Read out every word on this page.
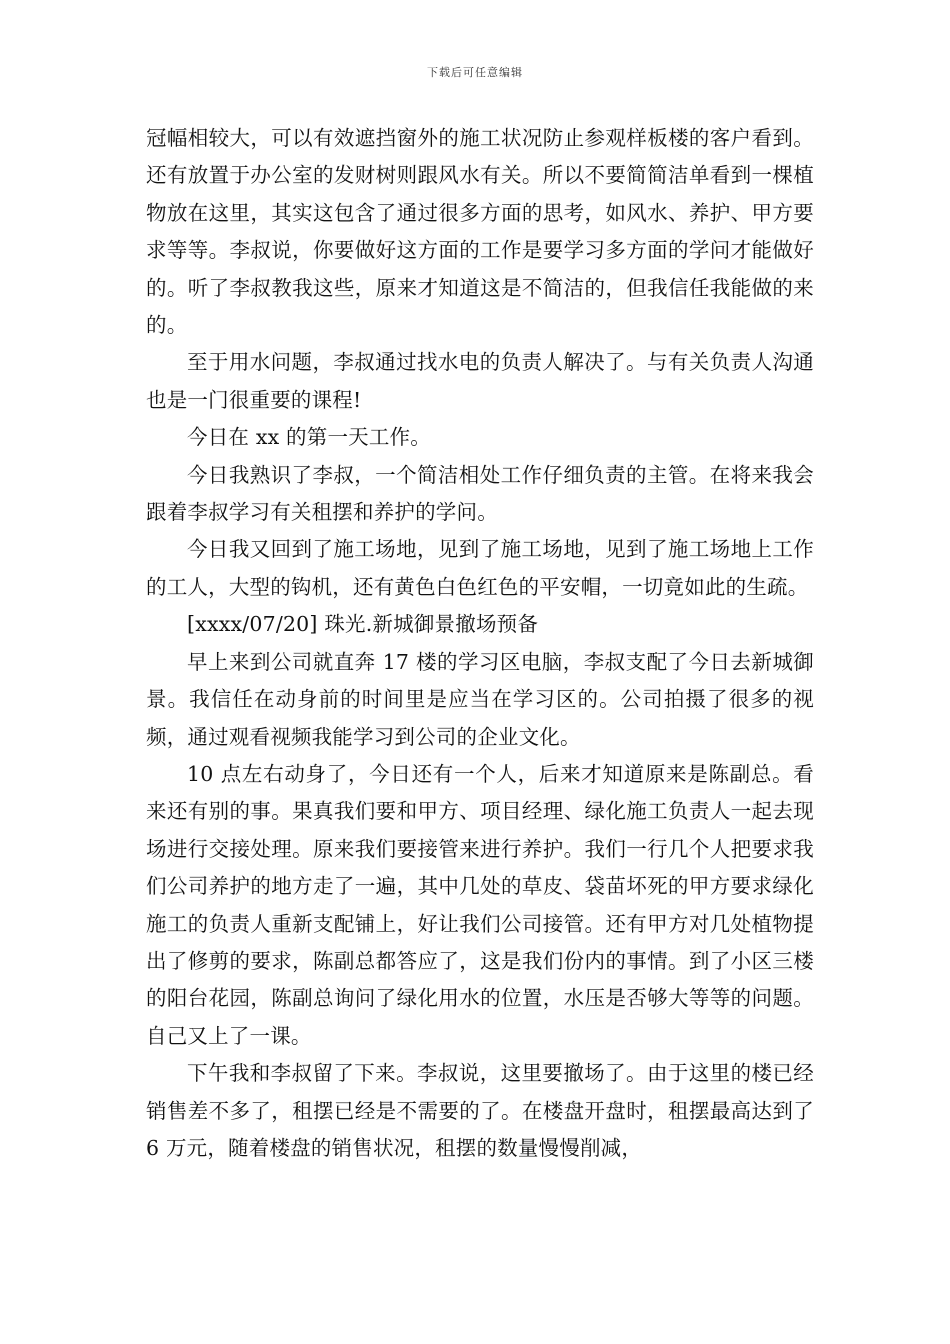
下载后可任意编辑

冠幅相较大，可以有效遮挡窗外的施工状况防止参观样板楼的客户看到。还有放置于办公室的发财树则跟风水有关。所以不要简简洁单看到一棵植物放在这里，其实这包含了通过很多方面的思考，如风水、养护、甲方要求等等。李叔说，你要做好这方面的工作是要学习多方面的学问才能做好的。听了李叔教我这些，原来才知道这是不简洁的，但我信任我能做的来的。

至于用水问题，李叔通过找水电的负责人解决了。与有关负责人沟通也是一门很重要的课程!

今日在 xx 的第一天工作。

今日我熟识了李叔，一个简洁相处工作仔细负责的主管。在将来我会跟着李叔学习有关租摆和养护的学问。

今日我又回到了施工场地，见到了施工场地，见到了施工场地上工作的工人，大型的钩机，还有黄色白色红色的平安帽，一切竟如此的生疏。

[xxxx/07/20] 珠光.新城御景撤场预备

早上来到公司就直奔 17 楼的学习区电脑，李叔支配了今日去新城御景。我信任在动身前的时间里是应当在学习区的。公司拍摄了很多的视频，通过观看视频我能学习到公司的企业文化。

10 点左右动身了，今日还有一个人，后来才知道原来是陈副总。看来还有别的事。果真我们要和甲方、项目经理、绿化施工负责人一起去现场进行交接处理。原来我们要接管来进行养护。我们一行几个人把要求我们公司养护的地方走了一遍，其中几处的草皮、袋苗坏死的甲方要求绿化施工的负责人重新支配铺上，好让我们公司接管。还有甲方对几处植物提出了修剪的要求，陈副总都答应了，这是我们份内的事情。到了小区三楼的阳台花园，陈副总询问了绿化用水的位置，水压是否够大等等的问题。自己又上了一课。

下午我和李叔留了下来。李叔说，这里要撤场了。由于这里的楼已经销售差不多了，租摆已经是不需要的了。在楼盘开盘时，租摆最高达到了 6 万元，随着楼盘的销售状况，租摆的数量慢慢削减，
